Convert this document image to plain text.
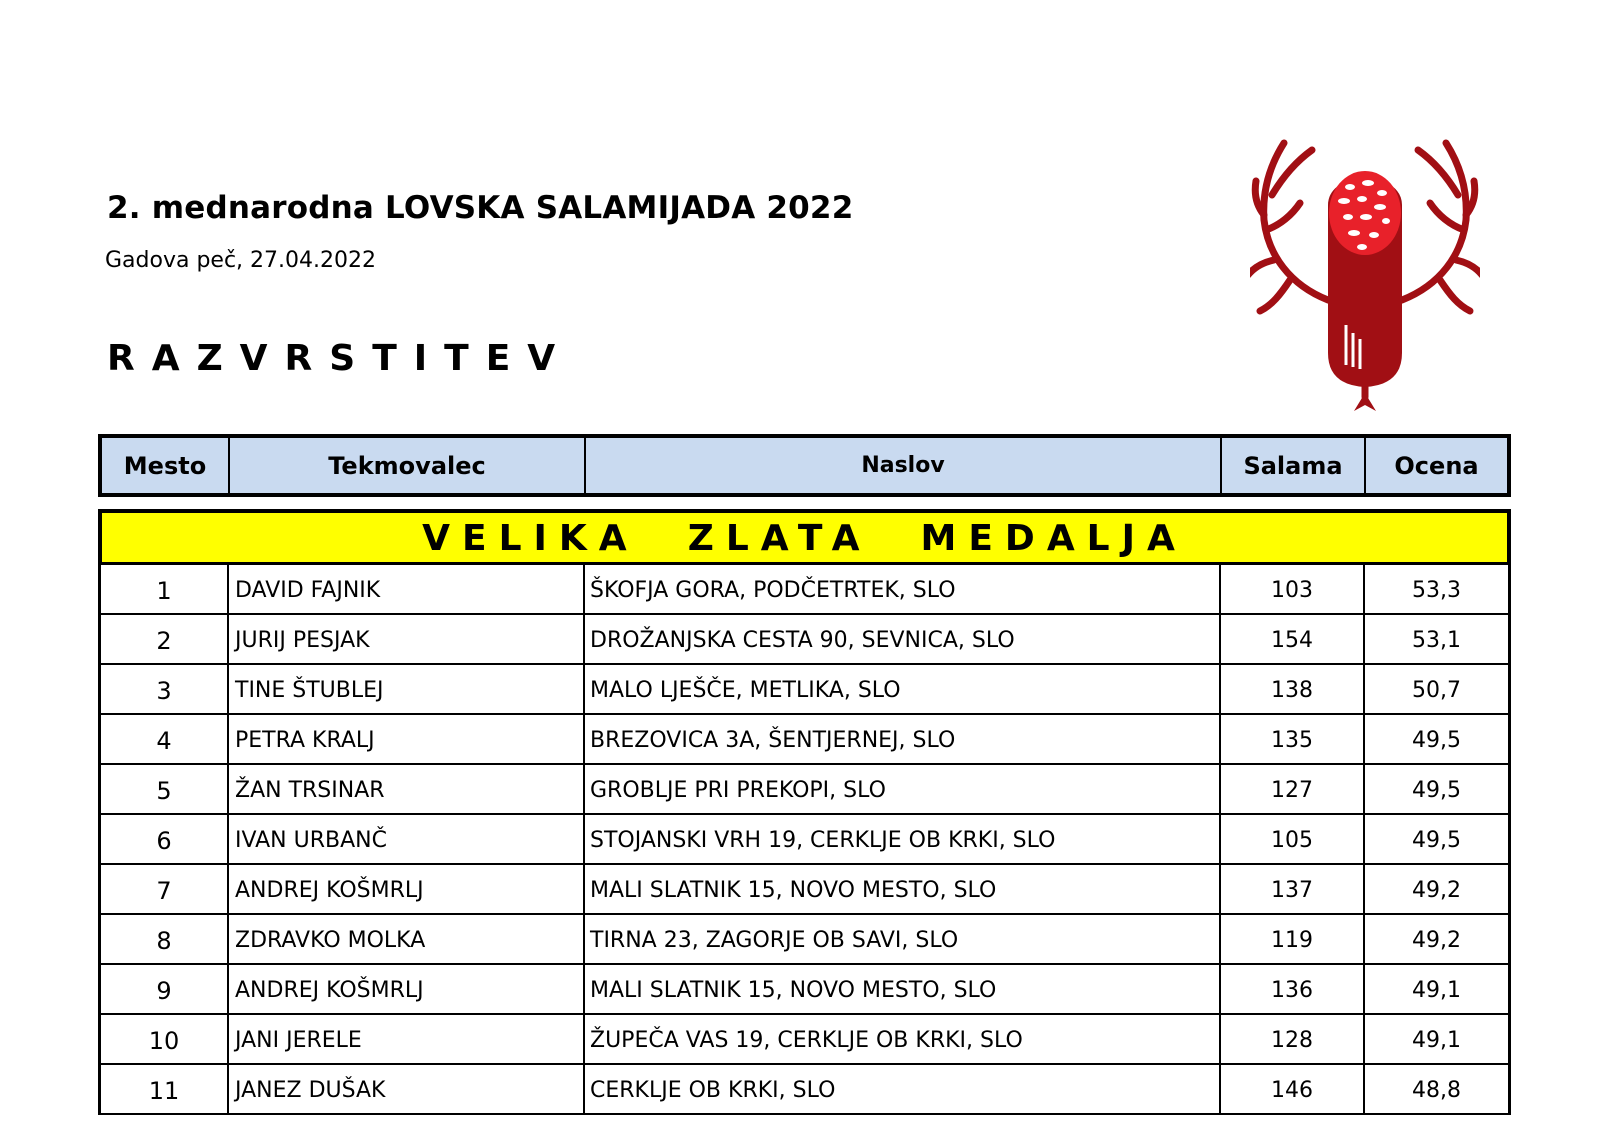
2. mednarodna LOVSKA SALAMIJADA 2022
Gadova peč, 27.04.2022
RAZVRSTITEV
Mesto	Tekmovalec	Naslov	Salama	Ocena
VELIKA  ZLATA  MEDALJA
1	DAVID FAJNIK	ŠKOFJA GORA, PODČETRTEK, SLO	103	53,3
2	JURIJ PESJAK	DROŽANJSKA CESTA 90, SEVNICA, SLO	154	53,1
3	TINE ŠTUBLEJ	MALO LJEŠČE, METLIKA, SLO	138	50,7
4	PETRA KRALJ	BREZOVICA 3A, ŠENTJERNEJ, SLO	135	49,5
5	ŽAN TRSINAR	GROBLJE PRI PREKOPI, SLO	127	49,5
6	IVAN URBANČ	STOJANSKI VRH 19, CERKLJE OB KRKI, SLO	105	49,5
7	ANDREJ KOŠMRLJ	MALI SLATNIK 15, NOVO MESTO, SLO	137	49,2
8	ZDRAVKO MOLKA	TIRNA 23, ZAGORJE OB SAVI, SLO	119	49,2
9	ANDREJ KOŠMRLJ	MALI SLATNIK 15, NOVO MESTO, SLO	136	49,1
10	JANI JERELE	ŽUPEČA VAS 19, CERKLJE OB KRKI, SLO	128	49,1
11	JANEZ DUŠAK	CERKLJE OB KRKI, SLO	146	48,8
